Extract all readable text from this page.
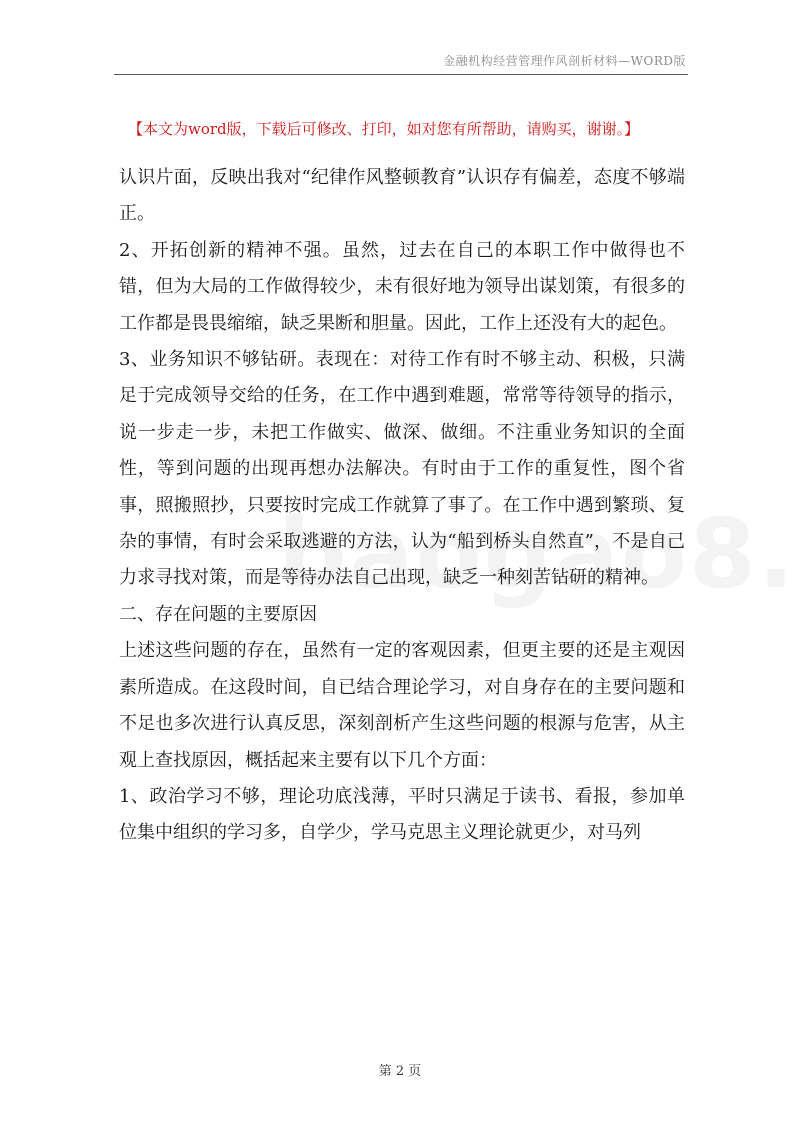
金融机构经营管理作风剖析材料—WORD版
【本文为word版，下载后可修改、打印，如对您有所帮助，请购买，谢谢。】

认识片面，反映出我对“纪律作风整顿教育”认识存有偏差，态度不够端正。

2、开拓创新的精神不强。虽然，过去在自己的本职工作中做得也不错，但为大局的工作做得较少，未有很好地为领导出谋划策，有很多的工作都是畏畏缩缩，缺乏果断和胆量。因此，工作上还没有大的起色。

3、业务知识不够钻研。表现在：对待工作有时不够主动、积极，只满足于完成领导交给的任务，在工作中遇到难题，常常等待领导的指示，说一步走一步，未把工作做实、做深、做细。不注重业务知识的全面性，等到问题的出现再想办法解决。有时由于工作的重复性，图个省事，照搬照抄，只要按时完成工作就算了事了。在工作中遇到繁琐、复杂的事情，有时会采取逃避的方法，认为“船到桥头自然直”，不是自己力求寻找对策，而是等待办法自己出现，缺乏一种刻苦钻研的精神。

二、存在问题的主要原因

上述这些问题的存在，虽然有一定的客观因素，但更主要的还是主观因素所造成。在这段时间，自已结合理论学习，对自身存在的主要问题和不足也多次进行认真反思，深刻剖析产生这些问题的根源与危害，从主观上查找原因，概括起来主要有以下几个方面：

1、政治学习不够，理论功底浅薄，平时只满足于读书、看报，参加单位集中组织的学习多，自学少，学马克思主义理论就更少，对马列

第 2 页
